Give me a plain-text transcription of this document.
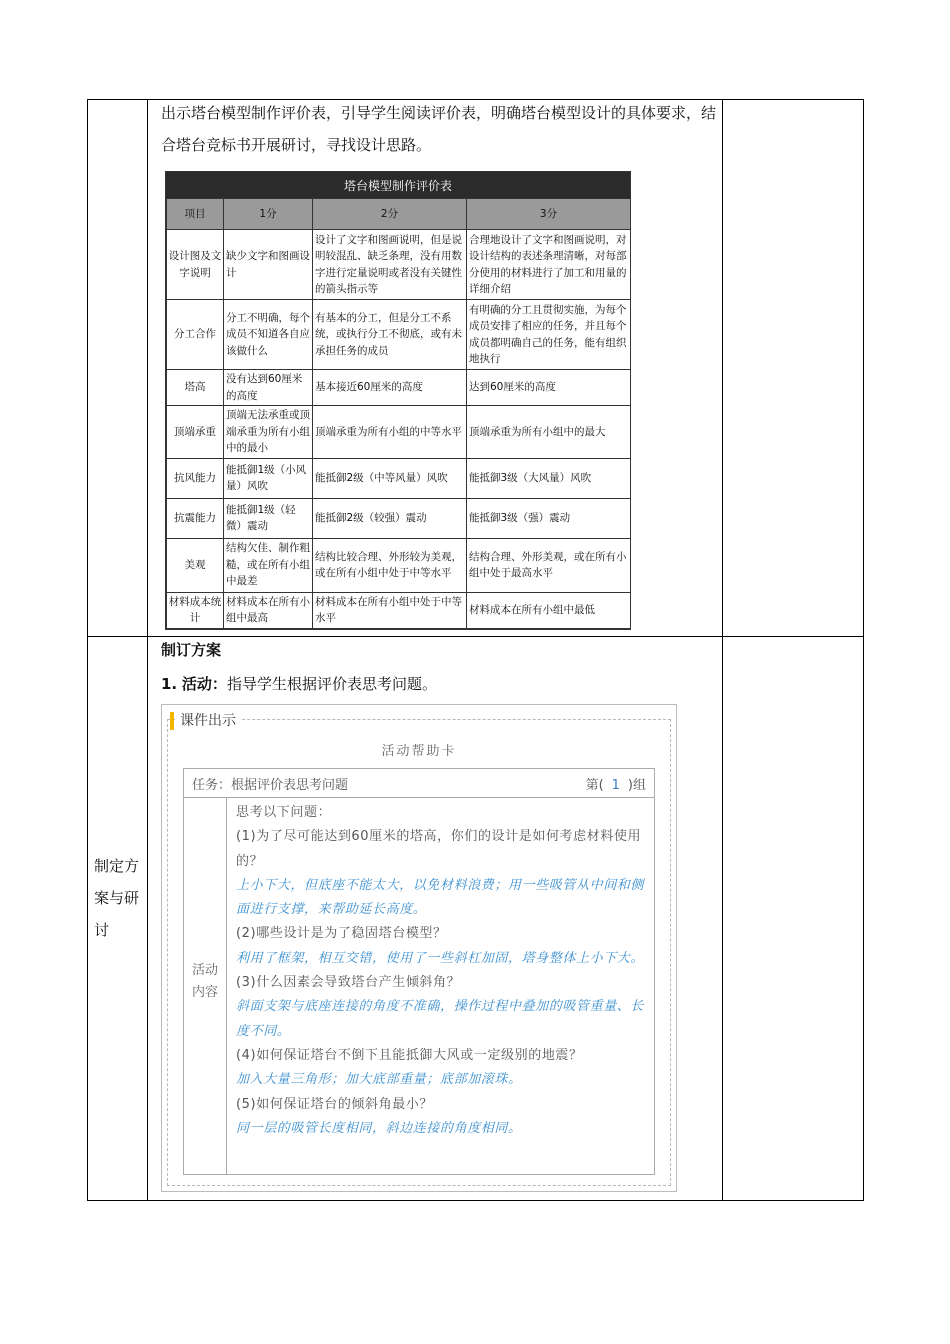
出示塔台模型制作评价表，引导学生阅读评价表，明确塔台模型设计的具体要求，结合塔台竞标书开展研讨，寻找设计思路。
塔台模型制作评价表
项目	1分	2分	3分
设计图及文字说明	缺少文字和图画设计	设计了文字和图画说明，但是说明较混乱、缺乏条理，没有用数字进行定量说明或者没有关键性的箭头指示等	合理地设计了文字和图画说明，对设计结构的表述条理清晰，对每部分使用的材料进行了加工和用量的详细介绍
分工合作	分工不明确，每个成员不知道各自应该做什么	有基本的分工，但是分工不系统，或执行分工不彻底，或有未承担任务的成员	有明确的分工且贯彻实施，为每个成员安排了相应的任务，并且每个成员都明确自己的任务，能有组织地执行
塔高	没有达到60厘米的高度	基本接近60厘米的高度	达到60厘米的高度
顶端承重	顶端无法承重或顶端承重为所有小组中的最小	顶端承重为所有小组的中等水平	顶端承重为所有小组中的最大
抗风能力	能抵御1级（小风量）风吹	能抵御2级（中等风量）风吹	能抵御3级（大风量）风吹
抗震能力	能抵御1级（轻微）震动	能抵御2级（较强）震动	能抵御3级（强）震动
美观	结构欠佳、制作粗糙，或在所有小组中最差	结构比较合理、外形较为美观，或在所有小组中处于中等水平	结构合理、外形美观，或在所有小组中处于最高水平
材料成本统计	材料成本在所有小组中最高	材料成本在所有小组中处于中等水平	材料成本在所有小组中最低
制定方案与研讨
制订方案
1. 活动：指导学生根据评价表思考问题。
课件出示
活动帮助卡
任务：根据评价表思考问题	第( 1 )组
活动内容
思考以下问题：
(1)为了尽可能达到60厘米的塔高，你们的设计是如何考虑材料使用的？
上小下大，但底座不能太大，以免材料浪费；用一些吸管从中间和侧面进行支撑，来帮助延长高度。
(2)哪些设计是为了稳固塔台模型？
利用了框架，相互交错，使用了一些斜杠加固，塔身整体上小下大。
(3)什么因素会导致塔台产生倾斜角？
斜面支架与底座连接的角度不准确，操作过程中叠加的吸管重量、长度不同。
(4)如何保证塔台不倒下且能抵御大风或一定级别的地震？
加入大量三角形；加大底部重量；底部加滚珠。
(5)如何保证塔台的倾斜角最小？
同一层的吸管长度相同，斜边连接的角度相同。
